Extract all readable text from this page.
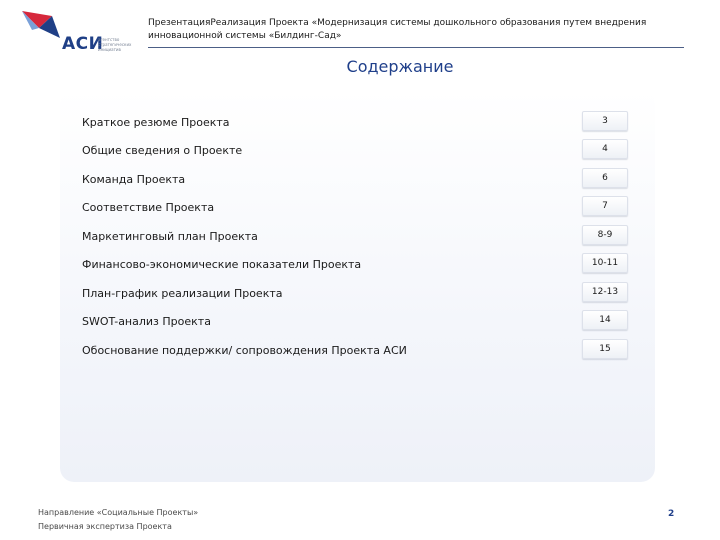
АСИ
агентство стратегических инициатив
ПрезентацияРеализация Проекта «Модернизация системы дошкольного образования путем внедрения инновационной системы «Билдинг-Сад»
Содержание
Краткое резюме Проекта	3
Общие сведения о Проекте	4
Команда Проекта	6
Соответствие Проекта	7
Маркетинговый план Проекта	8-9
Финансово-экономические показатели Проекта	10-11
План-график реализации Проекта	12-13
SWOT-анализ Проекта	14
Обоснование поддержки/ сопровождения Проекта АСИ	15
Направление «Социальные Проекты»
Первичная экспертиза Проекта
2
